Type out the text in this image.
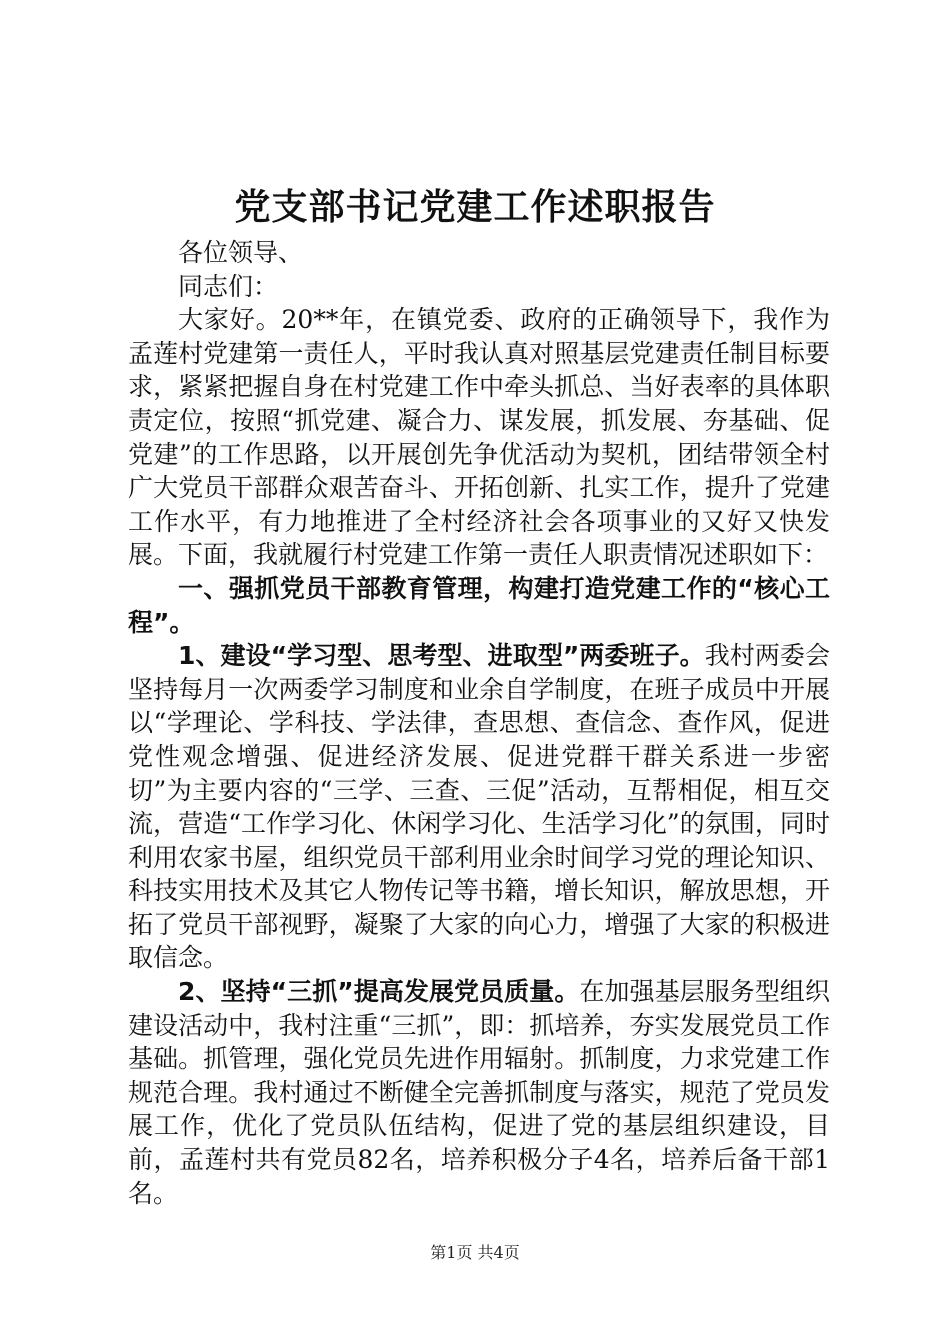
党支部书记党建工作述职报告

各位领导、

同志们：

大家好。20**年，在镇党委、政府的正确领导下，我作为孟莲村党建第一责任人，平时我认真对照基层党建责任制目标要求，紧紧把握自身在村党建工作中牵头抓总、当好表率的具体职责定位，按照“抓党建、凝合力、谋发展，抓发展、夯基础、促党建”的工作思路，以开展创先争优活动为契机，团结带领全村广大党员干部群众艰苦奋斗、开拓创新、扎实工作，提升了党建工作水平，有力地推进了全村经济社会各项事业的又好又快发展。下面，我就履行村党建工作第一责任人职责情况述职如下：

一、强抓党员干部教育管理，构建打造党建工作的“核心工程”。

1、建设“学习型、思考型、进取型”两委班子。我村两委会坚持每月一次两委学习制度和业余自学制度，在班子成员中开展以“学理论、学科技、学法律，查思想、查信念、查作风，促进党性观念增强、促进经济发展、促进党群干群关系进一步密切”为主要内容的“三学、三查、三促”活动，互帮相促，相互交流，营造“工作学习化、休闲学习化、生活学习化”的氛围，同时利用农家书屋，组织党员干部利用业余时间学习党的理论知识、科技实用技术及其它人物传记等书籍，增长知识，解放思想，开拓了党员干部视野，凝聚了大家的向心力，增强了大家的积极进取信念。

2、坚持“三抓”提高发展党员质量。在加强基层服务型组织建设活动中，我村注重“三抓”，即：抓培养，夯实发展党员工作基础。抓管理，强化党员先进作用辐射。抓制度，力求党建工作规范合理。我村通过不断健全完善抓制度与落实，规范了党员发展工作，优化了党员队伍结构，促进了党的基层组织建设，目前，孟莲村共有党员82名，培养积极分子4名，培养后备干部1名。

第1页 共4页
